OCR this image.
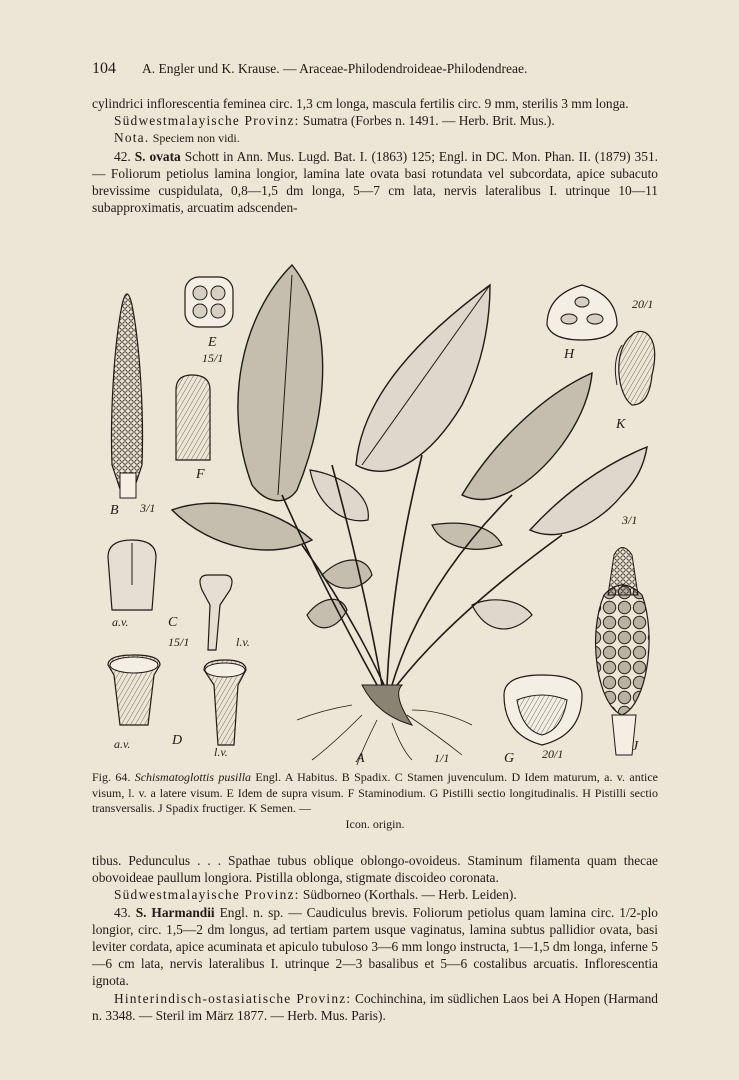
104 A. Engler und K. Krause. — Araceae-Philodendroideae-Philodendreae.

cylindrici inflorescentia feminea circ. 1,3 cm longa, mascula fertilis circ. 9 mm, sterilis 3 mm longa.

Südwestmalayische Provinz: Sumatra (Forbes n. 1491. — Herb. Brit. Mus.).

Nota. Speciem non vidi.

42. S. ovata Schott in Ann. Mus. Lugd. Bat. I. (1863) 125; Engl. in DC. Mon. Phan. II. (1879) 351. — Foliorum petiolus lamina longior, lamina late ovata basi rotundata vel subcordata, apice subacuto brevissime cuspidulata, 0,8—1,5 dm longa, 5—7 cm lata, nervis lateralibus I. utrinque 10—11 subapproximatis, arcuatim adscenden-

E
15/1
F
B 3/1
C
15/1
a.v.
l.v.
D
a.v.
l.v.
H
20/1
K
J
3/1
A	1/1	G 20/1

Fig. 64. Schismatoglottis pusilla Engl. A Habitus. B Spadix. C Stamen juvenculum. D Idem maturum, a. v. antice visum, l. v. a latere visum. E Idem de supra visum. F Staminodium. G Pistilli sectio longitudinalis. H Pistilli sectio transversalis. J Spadix fructiger. K Semen. —

Icon. origin.

tibus. Pedunculus . . . Spathae tubus oblique oblongo-ovoideus. Staminum filamenta quam thecae obovoideae paullum longiora. Pistilla oblonga, stigmate discoideo coronata.

Südwestmalayische Provinz: Südborneo (Korthals. — Herb. Leiden).

43. S. Harmandii Engl. n. sp. — Caudiculus brevis. Foliorum petiolus quam lamina circ. 1/2-plo longior, circ. 1,5—2 dm longus, ad tertiam partem usque vaginatus, lamina subtus pallidior ovata, basi leviter cordata, apice acuminata et apiculo tubuloso 3—6 mm longo instructa, 1—1,5 dm longa, inferne 5—6 cm lata, nervis lateralibus I. utrinque 2—3 basalibus et 5—6 costalibus arcuatis. Inflorescentia ignota.

Hinterindisch-ostasiatische Provinz: Cochinchina, im südlichen Laos bei A Hopen (Harmand n. 3348. — Steril im März 1877. — Herb. Mus. Paris).
